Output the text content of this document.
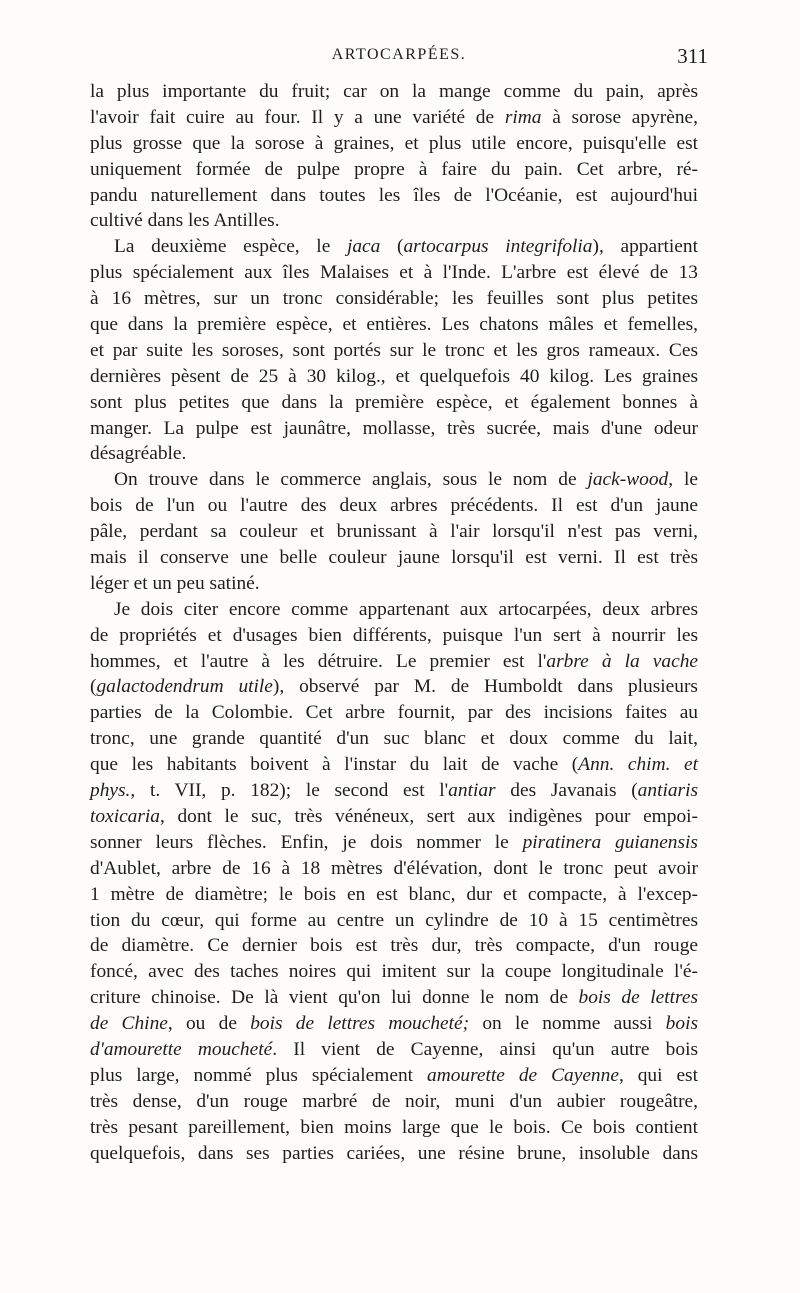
ARTOCARPÉES.	311
la plus importante du fruit; car on la mange comme du pain, après
l'avoir fait cuire au four. Il y a une variété de rima à sorose apyrène,
plus grosse que la sorose à graines, et plus utile encore, puisqu'elle est
uniquement formée de pulpe propre à faire du pain. Cet arbre, ré-
pandu naturellement dans toutes les îles de l'Océanie, est aujourd'hui
cultivé dans les Antilles.
La deuxième espèce, le jaca (artocarpus integrifolia), appartient
plus spécialement aux îles Malaises et à l'Inde. L'arbre est élevé de 13
à 16 mètres, sur un tronc considérable; les feuilles sont plus petites
que dans la première espèce, et entières. Les chatons mâles et femelles,
et par suite les soroses, sont portés sur le tronc et les gros rameaux. Ces
dernières pèsent de 25 à 30 kilog., et quelquefois 40 kilog. Les graines
sont plus petites que dans la première espèce, et également bonnes à
manger. La pulpe est jaunâtre, mollasse, très sucrée, mais d'une odeur
désagréable.
On trouve dans le commerce anglais, sous le nom de jack-wood, le
bois de l'un ou l'autre des deux arbres précédents. Il est d'un jaune
pâle, perdant sa couleur et brunissant à l'air lorsqu'il n'est pas verni,
mais il conserve une belle couleur jaune lorsqu'il est verni. Il est très
léger et un peu satiné.
Je dois citer encore comme appartenant aux artocarpées, deux arbres
de propriétés et d'usages bien différents, puisque l'un sert à nourrir les
hommes, et l'autre à les détruire. Le premier est l'arbre à la vache
(galactodendrum utile), observé par M. de Humboldt dans plusieurs
parties de la Colombie. Cet arbre fournit, par des incisions faites au
tronc, une grande quantité d'un suc blanc et doux comme du lait,
que les habitants boivent à l'instar du lait de vache (Ann. chim. et
phys., t. VII, p. 182); le second est l'antiar des Javanais (antiaris
toxicaria, dont le suc, très vénéneux, sert aux indigènes pour empoi-
sonner leurs flèches. Enfin, je dois nommer le piratinera guianensis
d'Aublet, arbre de 16 à 18 mètres d'élévation, dont le tronc peut avoir
1 mètre de diamètre; le bois en est blanc, dur et compacte, à l'excep-
tion du cœur, qui forme au centre un cylindre de 10 à 15 centimètres
de diamètre. Ce dernier bois est très dur, très compacte, d'un rouge
foncé, avec des taches noires qui imitent sur la coupe longitudinale l'é-
criture chinoise. De là vient qu'on lui donne le nom de bois de lettres
de Chine, ou de bois de lettres moucheté; on le nomme aussi bois
d'amourette moucheté. Il vient de Cayenne, ainsi qu'un autre bois
plus large, nommé plus spécialement amourette de Cayenne, qui est
très dense, d'un rouge marbré de noir, muni d'un aubier rougeâtre,
très pesant pareillement, bien moins large que le bois. Ce bois contient
quelquefois, dans ses parties cariées, une résine brune, insoluble dans
